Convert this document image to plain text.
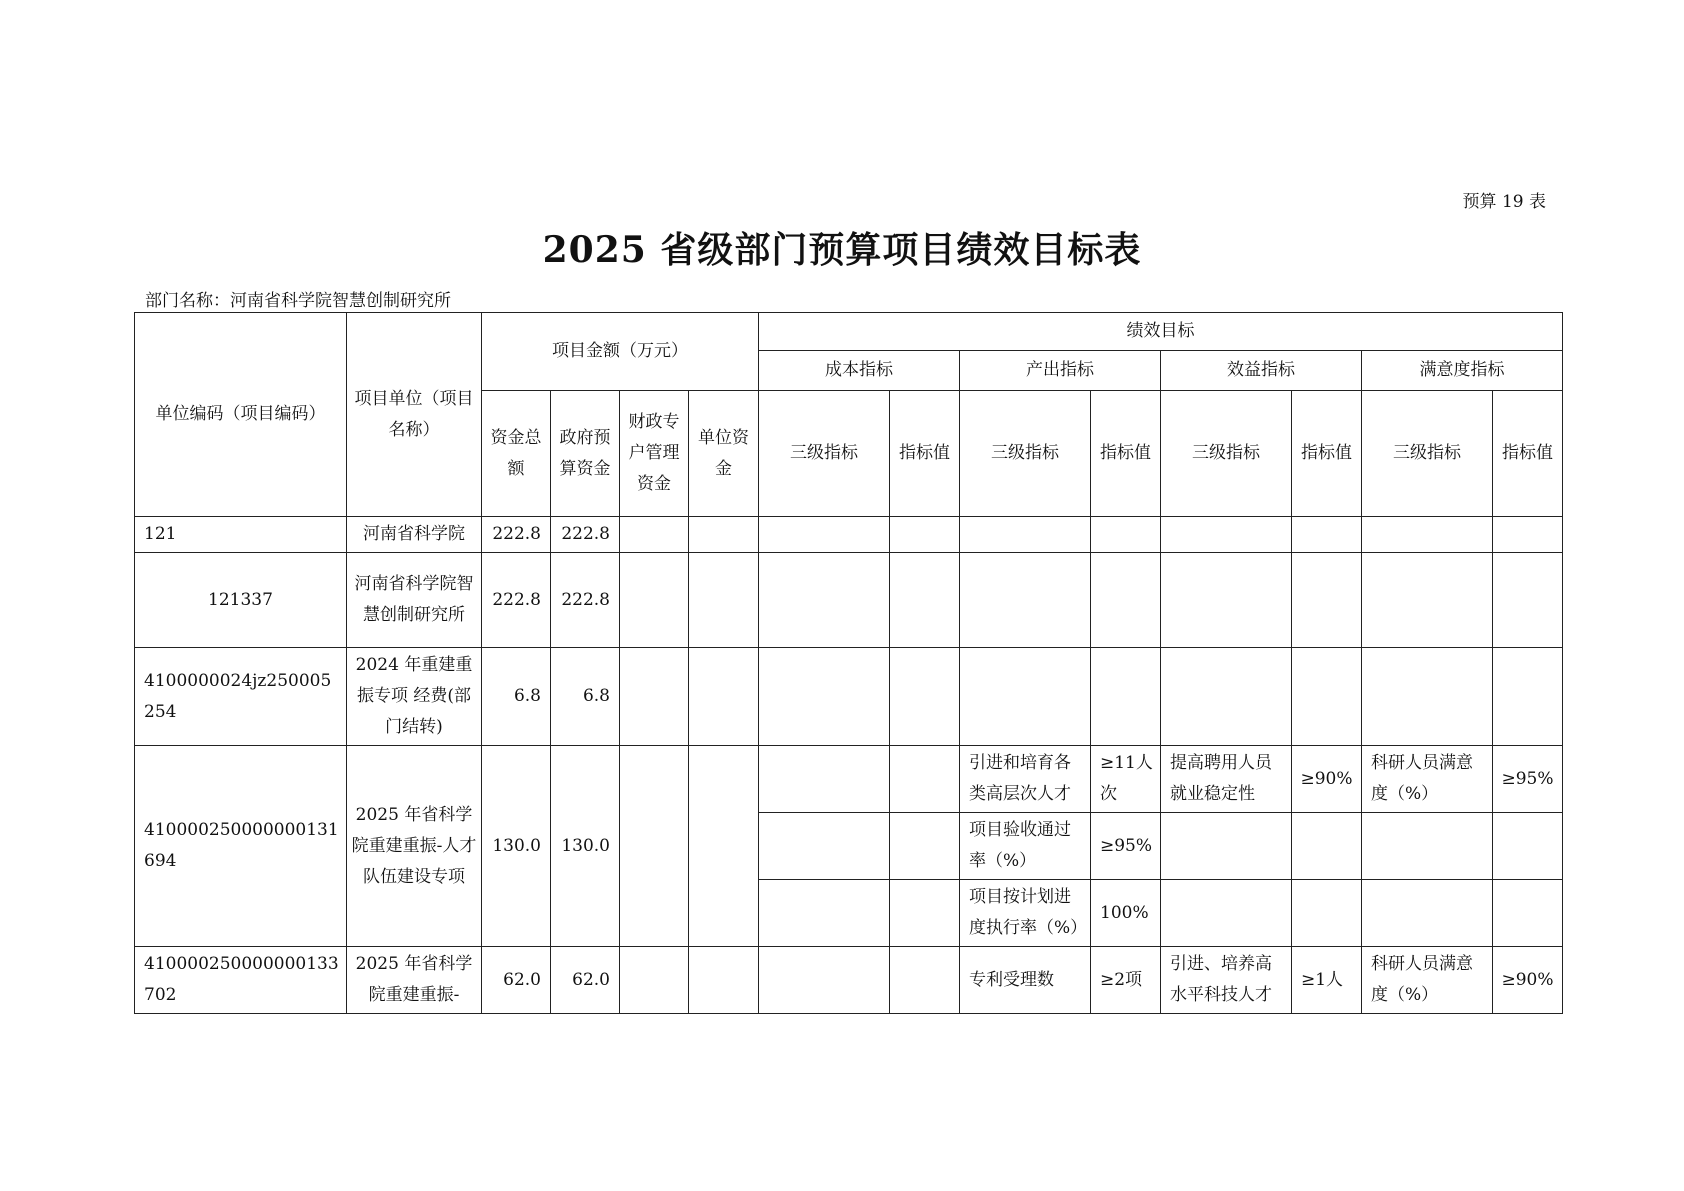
预算 19 表
2025 省级部门预算项目绩效目标表
部门名称：河南省科学院智慧创制研究所
单位编码（项目编码）	项目单位（项目名称）	项目金额（万元）				绩效目标							
						成本指标		产出指标		效益指标		满意度指标	
		资金总额	政府预算资金	财政专户管理资金	单位资金	三级指标	指标值	三级指标	指标值	三级指标	指标值	三级指标	指标值
121	河南省科学院	222.8	222.8										
121337	河南省科学院智慧创制研究所	222.8	222.8										
4100000024jz250005254	2024 年重建重振专项 经费(部门结转)	6.8	6.8										
410000250000000131694	2025 年省科学院重建重振-人才队伍建设专项	130.0	130.0					引进和培育各类高层次人才	≥11人次	提高聘用人员就业稳定性	≥90%	科研人员满意度（%）	≥95%
								项目验收通过率（%）	≥95%				
								项目按计划进度执行率（%）	100%				
410000250000000133702	2025 年省科学院重建重振-	62.0	62.0					专利受理数	≥2项	引进、培养高水平科技人才	≥1人	科研人员满意度（%）	≥90%
